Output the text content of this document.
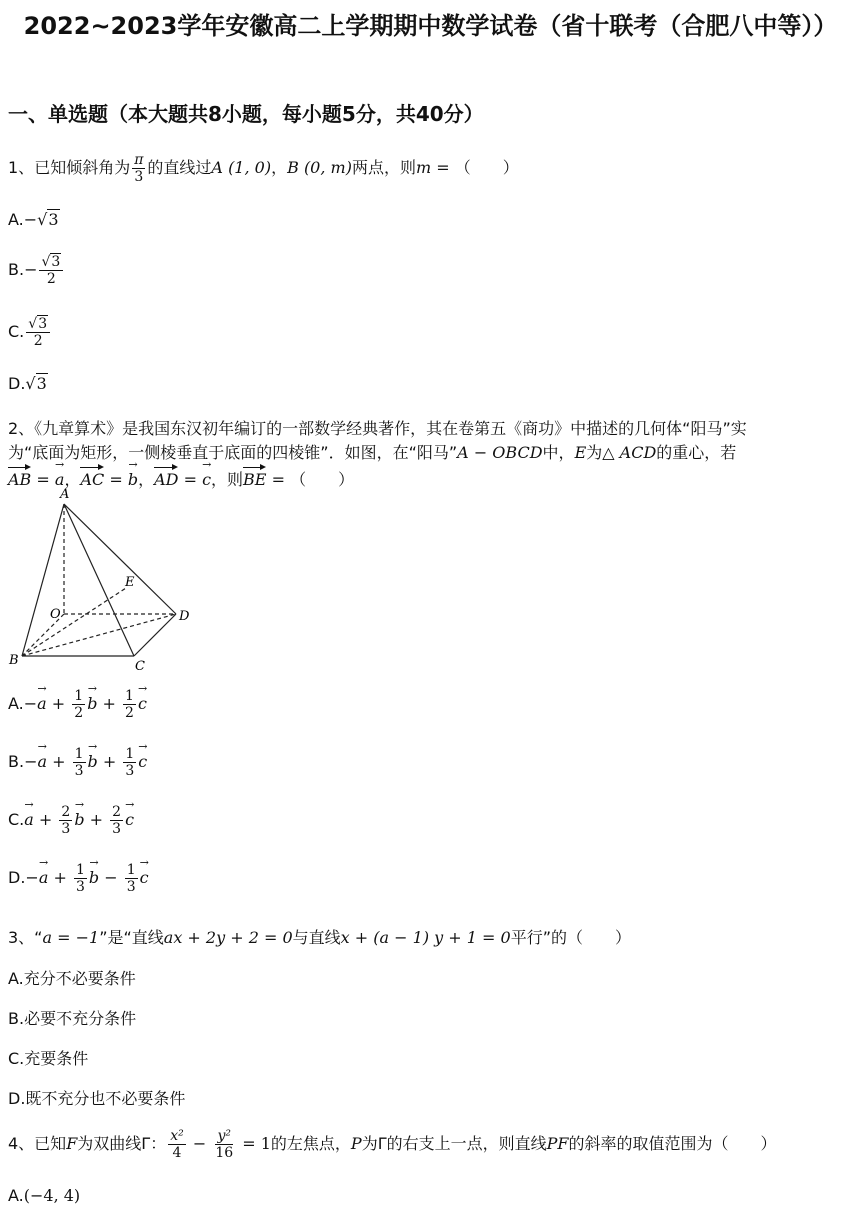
2022~2023学年安徽高二上学期期中数学试卷（省十联考（合肥八中等））
一、单选题（本大题共8小题，每小题5分，共40分）
1、已知倾斜角为 $\frac{\pi}{3}$ 的直线过A (1, 0)，B (0, m)两点，则m = （　　）
A.−√3
$B.- \frac{√3}{2}$
C. $\frac{√3}{2}$
D.√3
2、《九章算术》是我国东汉初年编订的一部数学经典著作，其在卷第五《商功》中描述的几何体“阳马”实
为“底面为矩形，一侧棱垂直于底面的四棱锥”．如图，在“阳马”A − OBCD中，E为△ ACD的重心，若
AB = → a，AC = → b，AD = → c，则BE = （　　）
A
E
O	D
B	C
$A.-\to a + \frac{1}{2}$
→ $b + \frac{1}{2}$
→ c
$B.-\to a + \frac{1}{3}$
→ $b + \frac{1}{3}$
→ c
$C.\to a + \frac{2}{3}$
→ $b + \frac{2}{3}$
→ c
$D.-\to a + \frac{1}{3}$
→ $b - \frac{1}{3}$
→ c
3、“a = −1”是“直线ax + 2y + 2 = 0与直线x + (a − 1) y + 1 = 0平行”的（　　）
A.充分不必要条件
B.必要不充分条件
C.充要条件
D.既不充分也不必要条件
4、已知F为双曲线Γ： $\frac{\text{x²}}{4} - \frac{\text{y²}}{16} = 1$的左焦点，P为Γ的右支上一点，则直线PF的斜率的取值范围为（　　）
A.(−4, 4)
